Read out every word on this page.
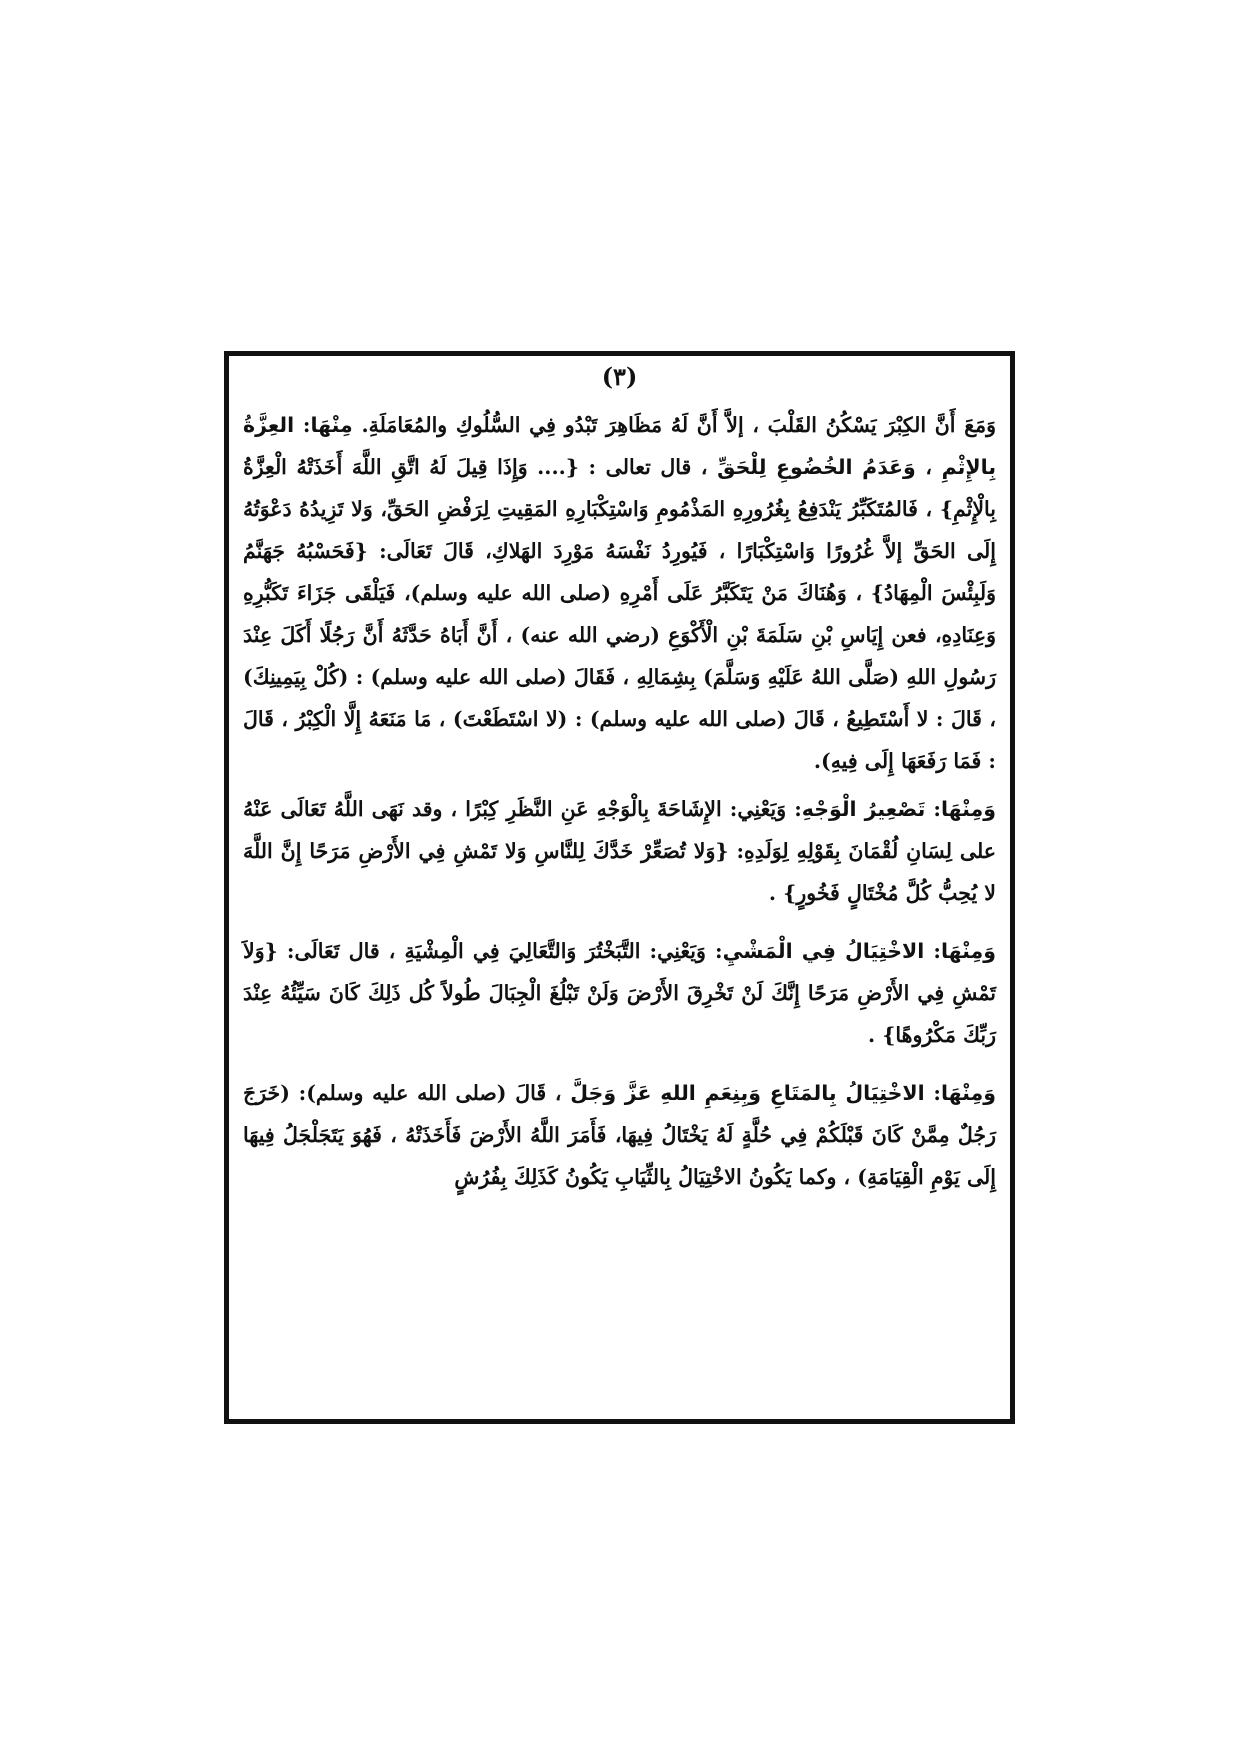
(٣)

وَمَعَ أَنَّ الكِبْرَ يَسْكُنُ القَلْبَ ، إلاَّ أَنَّ لَهُ مَظَاهِرَ تَبْدُو فِي السُّلُوكِ والمُعَامَلَةِ. مِنْهَا: العِزَّةُ بِالإِثْمِ ، وَعَدَمُ الخُضُوعِ لِلْحَقِّ ، قال تعالى : {.... وَإِذَا قِيلَ لَهُ اتَّقِ اللَّهَ أَخَذَتْهُ الْعِزَّةُ بِالْإِثْمِ} ، فَالمُتَكَبِّرُ يَنْدَفِعُ بِغُرُورِهِ المَذْمُومِ وَاسْتِكْبَارِهِ المَقِيتِ لِرَفْضِ الحَقِّ، وَلا تَزِيدُهُ دَعْوَتُهُ إِلَى الحَقِّ إلاَّ غُرُورًا وَاسْتِكْبَارًا ، فَيُورِدُ نَفْسَهُ مَوْرِدَ الهَلاكِ، قَالَ تَعَالَى: {فَحَسْبُهُ جَهَنَّمُ وَلَبِئْسَ الْمِهَادُ} ، وَهُنَاكَ مَنْ يَتَكَبَّرُ عَلَى أَمْرِهِ (صلى الله عليه وسلم)، فَيَلْقَى جَزَاءَ تَكَبُّرِهِ وَعِنَادِهِ، فعن إِيَاسِ بْنِ سَلَمَةَ بْنِ الْأَكْوَعِ (رضي الله عنه) ، أَنَّ أَبَاهُ حَدَّثَهُ أَنَّ رَجُلًا أَكَلَ عِنْدَ رَسُولِ اللهِ (صَلَّى اللهُ عَلَيْهِ وَسَلَّمَ) بِشِمَالِهِ ، فَقَالَ (صلى الله عليه وسلم) : (كُلْ بِيَمِينِكَ) ، قَالَ : لا أَسْتَطِيعُ ، قَالَ (صلى الله عليه وسلم) : (لا اسْتَطَعْتَ) ، مَا مَنَعَهُ إِلَّا الْكِبْرُ ، قَالَ : فَمَا رَفَعَهَا إِلَى فِيهِ).

وَمِنْهَا: تَصْعِيرُ الْوَجْهِ: وَيَعْنِي: الإِشَاحَةَ بِالْوَجْهِ عَنِ النَّظَرِ كِبْرًا ، وقد نَهَى اللَّهُ تَعَالَى عَنْهُ على لِسَانِ لُقْمَانَ بِقَوْلِهِ لِوَلَدِهِ: {وَلا تُصَعِّرْ خَدَّكَ لِلنَّاسِ وَلا تَمْشِ فِي الأَرْضِ مَرَحًا إِنَّ اللَّهَ لا يُحِبُّ كُلَّ مُخْتَالٍ فَخُورٍ} .

وَمِنْهَا: الاخْتِيَالُ فِي الْمَشْيِ: وَيَعْنِي: التَّبَخْتُرَ وَالتَّعَالِيَ فِي الْمِشْيَةِ ، قال تَعَالَى: {وَلاَ تَمْشِ فِي الأَرْضِ مَرَحًا إِنَّكَ لَنْ تَخْرِقَ الأَرْضَ وَلَنْ تَبْلُغَ الْجِبَالَ طُولاً كُل ذَلِكَ كَانَ سَيِّئُهُ عِنْدَ رَبِّكَ مَكْرُوهًا} .

وَمِنْهَا: الاخْتِيَالُ بِالمَتَاعِ وَبِنِعَمِ اللهِ عَزَّ وَجَلَّ ، قَالَ (صلى الله عليه وسلم): (خَرَجَ رَجُلٌ مِمَّنْ كَانَ قَبْلَكُمْ فِي حُلَّةٍ لَهُ يَخْتَالُ فِيهَا، فَأَمَرَ اللَّهُ الأَرْضَ فَأَخَذَتْهُ ، فَهُوَ يَتَجَلْجَلُ فِيهَا إِلَى يَوْمِ الْقِيَامَةِ) ، وكما يَكُونُ الاخْتِيَالُ بِالثِّيَابِ يَكُونُ كَذَلِكَ بِفُرُشٍ
